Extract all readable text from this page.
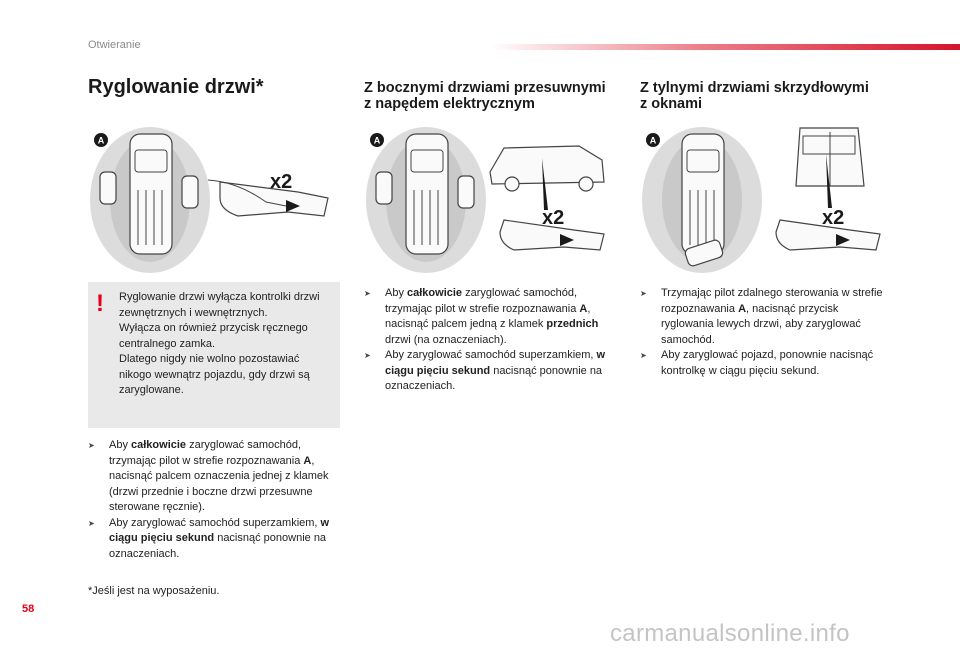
Otwieranie
Ryglowanie drzwi*	Z bocznymi drzwiami przesuwnymi
z napędem elektrycznym
Z tylnymi drzwiami skrzydłowymi
z oknami
A
x2
A
x2
A
x2
! Ryglowanie drzwi wyłącza kontrolki drzwi zewnętrznych i wewnętrznych.

Wyłącza on również przycisk ręcznego centralnego zamka.

Dlatego nigdy nie wolno pozostawiać nikogo wewnątrz pojazdu, gdy drzwi są zaryglowane.

➤ Aby całkowicie zaryglować samochód, trzymając pilot w strefie rozpoznawania A, nacisnąć palcem oznaczenia jednej z klamek (drzwi przednie i boczne drzwi przesuwne sterowane ręcznie).
➤ Aby zaryglować samochód superzamkiem, w ciągu pięciu sekund nacisnąć ponownie na oznaczeniach.
➤ Aby całkowicie zaryglować samochód, trzymając pilot w strefie rozpoznawania A, nacisnąć palcem jedną z klamek przednich drzwi (na oznaczeniach).
➤ Aby zaryglować samochód superzamkiem, w ciągu pięciu sekund nacisnąć ponownie na oznaczeniach.
➤ Trzymając pilot zdalnego sterowania w strefie rozpoznawania A, nacisnąć przycisk ryglowania lewych drzwi, aby zaryglować samochód.
➤ Aby zaryglować pojazd, ponownie nacisnąć kontrolkę w ciągu pięciu sekund.
*Jeśli jest na wyposażeniu.
58
carmanualsonline.info
